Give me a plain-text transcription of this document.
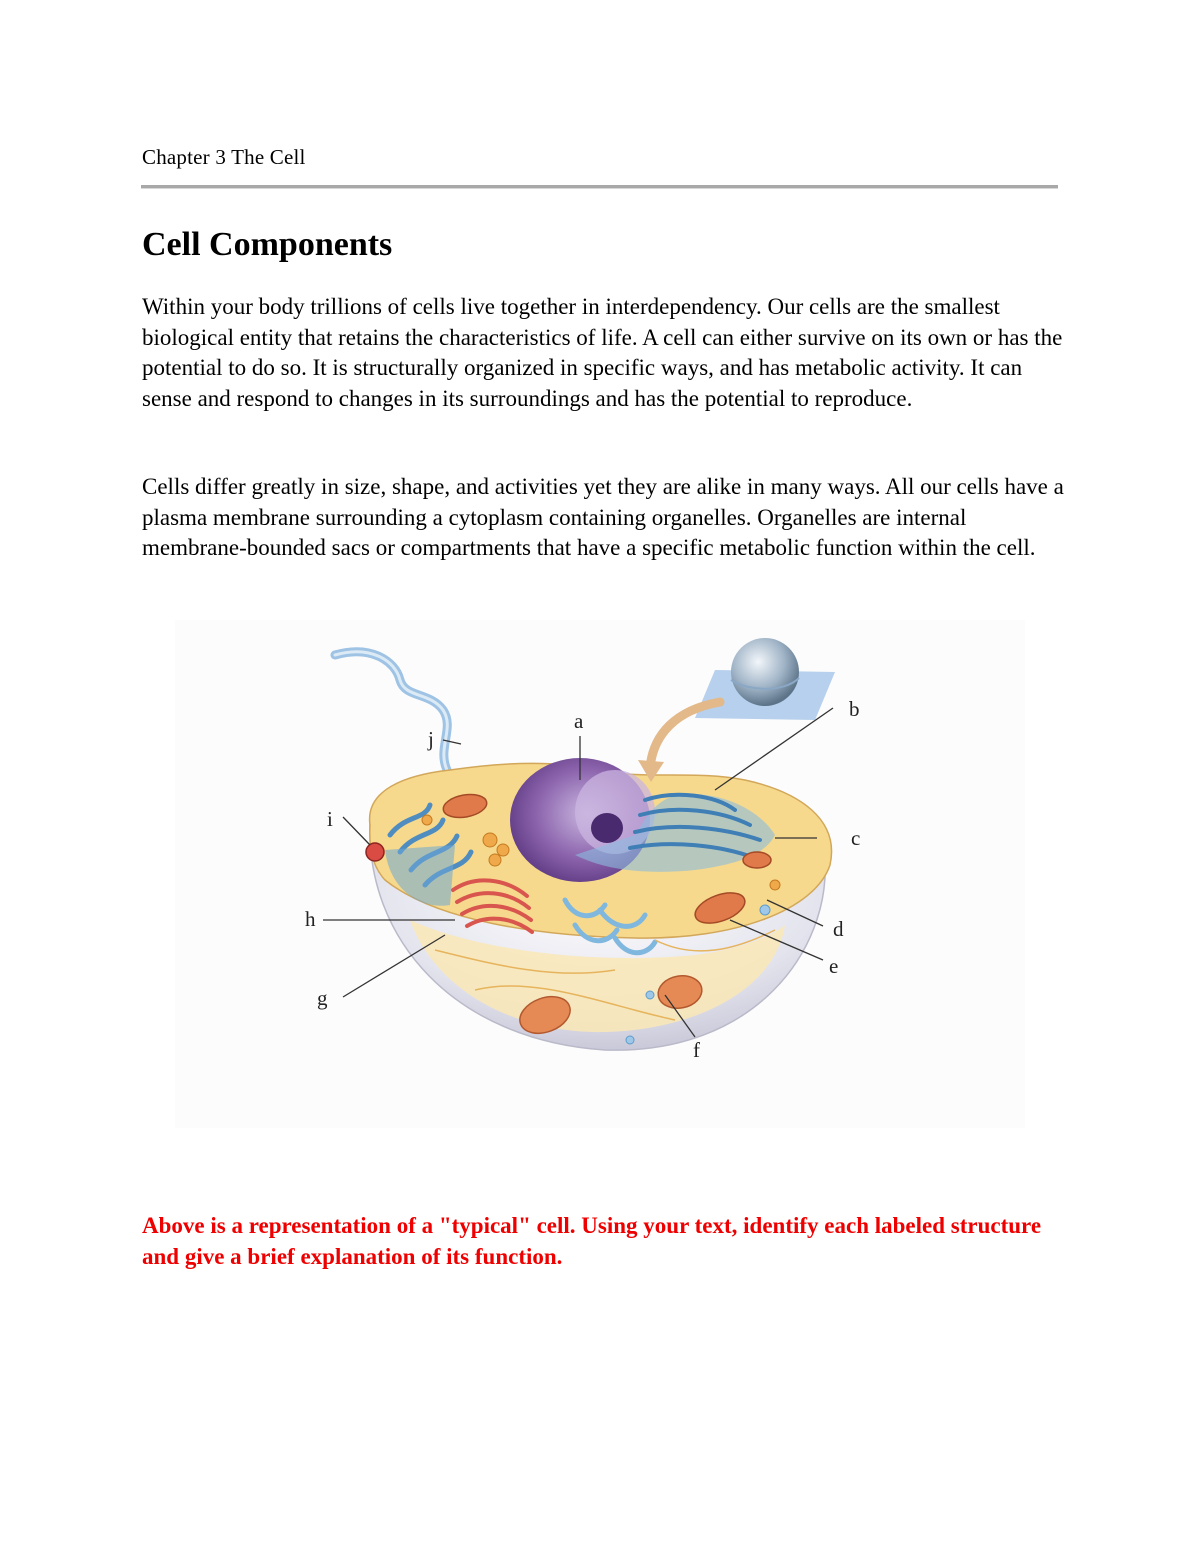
Chapter 3 The Cell
Cell Components

Within your body trillions of cells live together in interdependency. Our cells are the smallest biological entity that retains the characteristics of life. A cell can either survive on its own or has the potential to do so. It is structurally organized in specific ways, and has metabolic activity. It can sense and respond to changes in its surroundings and has the potential to reproduce.

Cells differ greatly in size, shape, and activities yet they are alike in many ways. All our cells have a plasma membrane surrounding a cytoplasm containing organelles. Organelles are internal membrane-bounded sacs or compartments that have a specific metabolic function within the cell.

a	b
c
d
e
f
g
h
i
j

Above is a representation of a "typical" cell. Using your text, identify each labeled structure and give a brief explanation of its function.
